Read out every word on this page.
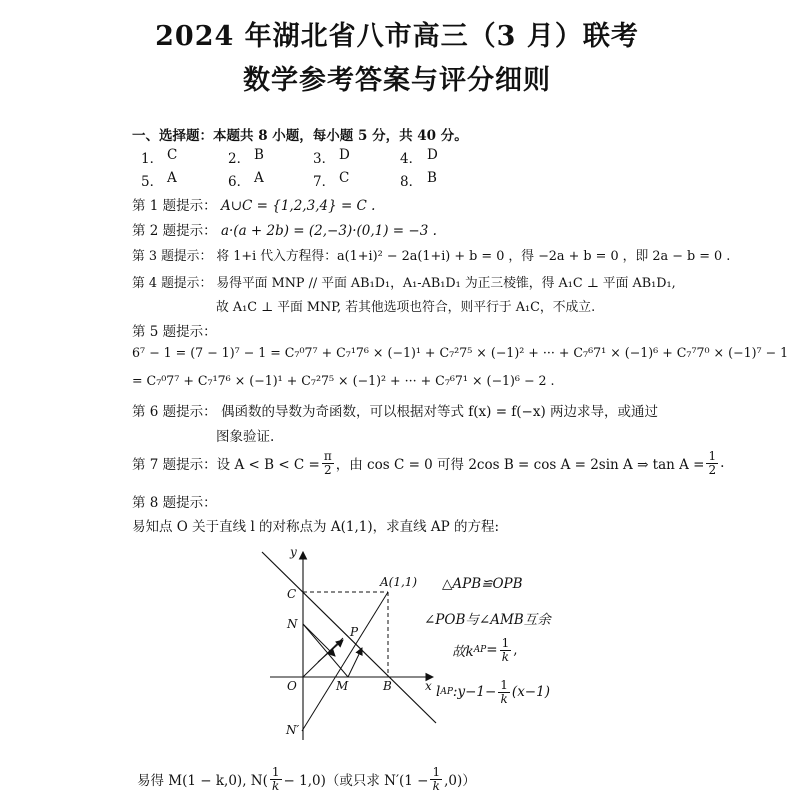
2024 年湖北省八市高三（3 月）联考
数学参考答案与评分细则
一、选择题：本题共 8 小题，每小题 5 分，共 40 分。
1． C	2． B	3． D	4． D
5． A	6． A	7． C	8． B
第 1 题提示： A∪C = {1,2,3,4} = C .
第 2 题提示： a·(a + 2b) = (2,−3)·(0,1) = −3 .
第 3 题提示： 将 1+i 代入方程得：a(1+i)² − 2a(1+i) + b = 0 ，得 −2a + b = 0 ，即 2a − b = 0 .
第 4 题提示： 易得平面 MNP // 平面 AB₁D₁，A₁-AB₁D₁ 为正三棱锥，得 A₁C ⊥ 平面 AB₁D₁,
故 A₁C ⊥ 平面 MNP, 若其他选项也符合，则平行于 A₁C，不成立.
第 5 题提示：
6⁷ − 1 = (7 − 1)⁷ − 1 = C₇⁰7⁷ + C₇¹7⁶ × (−1)¹ + C₇²7⁵ × (−1)² + ··· + C₇⁶7¹ × (−1)⁶ + C₇⁷7⁰ × (−1)⁷ − 1
= C₇⁰7⁷ + C₇¹7⁶ × (−1)¹ + C₇²7⁵ × (−1)² + ··· + C₇⁶7¹ × (−1)⁶ − 2 .
第 6 题提示： 偶函数的导数为奇函数，可以根据对等式 f(x) = f(−x) 两边求导，或通过
图象验证.
第 7 题提示： 设 $A < B < C = \frac{\pi}{2}$ ，由 cos C = 0 可得 2cos B = cos A = 2sin A ⇒ $\tan A = \frac{1}{2}$ .
第 8 题提示：
易知点 O 关于直线 l 的对称点为 A(1,1)，求直线 AP 的方程:
y
x
A(1,1)
C
N
P
O	M	B
N′
△APB≌OPB
∠POB与∠AMB互余
故k AP = $\frac{1}{k}$ ,
l AP :y−1− $\frac{1}{k} (x-1)$
易得 M(1 − k,0), $N( \frac{1}{k} - 1,0)$（或只求 $N'(1 - \frac{1}{k} ,0)$）
